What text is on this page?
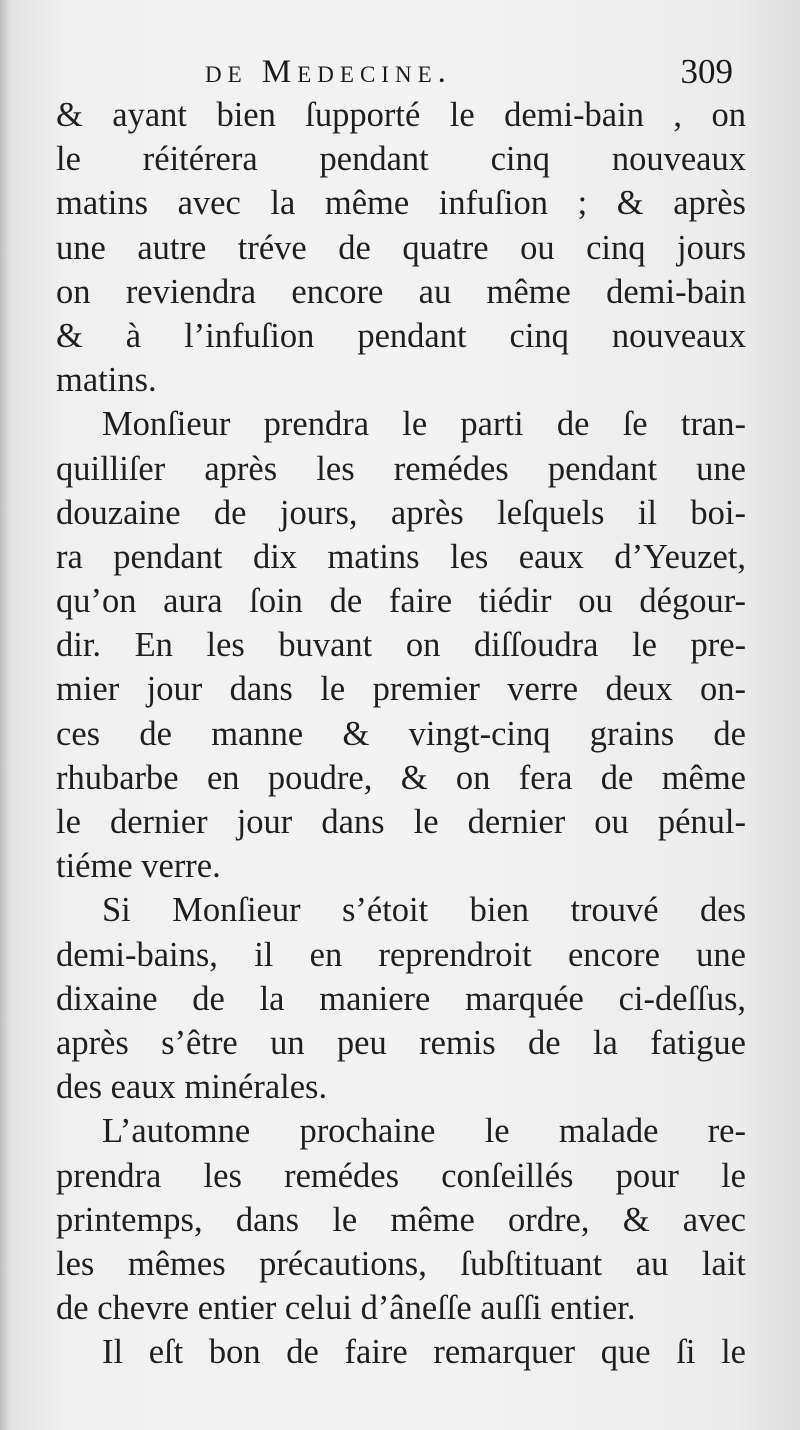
de Medecine.	309
& ayant bien ſupporté le demi-bain , on
le réitérera pendant cinq nouveaux
matins avec la même infuſion ; & après
une autre tréve de quatre ou cinq jours
on reviendra encore au même demi-bain
& à l’infuſion pendant cinq nouveaux
matins.
Monſieur prendra le parti de ſe tran-
quilliſer après les remédes pendant une
douzaine de jours, après leſquels il boi-
ra pendant dix matins les eaux d’Yeuzet,
qu’on aura ſoin de faire tiédir ou dégour-
dir. En les buvant on diſſoudra le pre-
mier jour dans le premier verre deux on-
ces de manne & vingt-cinq grains de
rhubarbe en poudre, & on fera de même
le dernier jour dans le dernier ou pénul-
tiéme verre.
Si Monſieur s’étoit bien trouvé des
demi-bains, il en reprendroit encore une
dixaine de la maniere marquée ci-deſſus,
après s’être un peu remis de la fatigue
des eaux minérales.
L’automne prochaine le malade re-
prendra les remédes conſeillés pour le
printemps, dans le même ordre, & avec
les mêmes précautions, ſubſtituant au lait
de chevre entier celui d’âneſſe auſſi entier.
Il eſt bon de faire remarquer que ſi le
